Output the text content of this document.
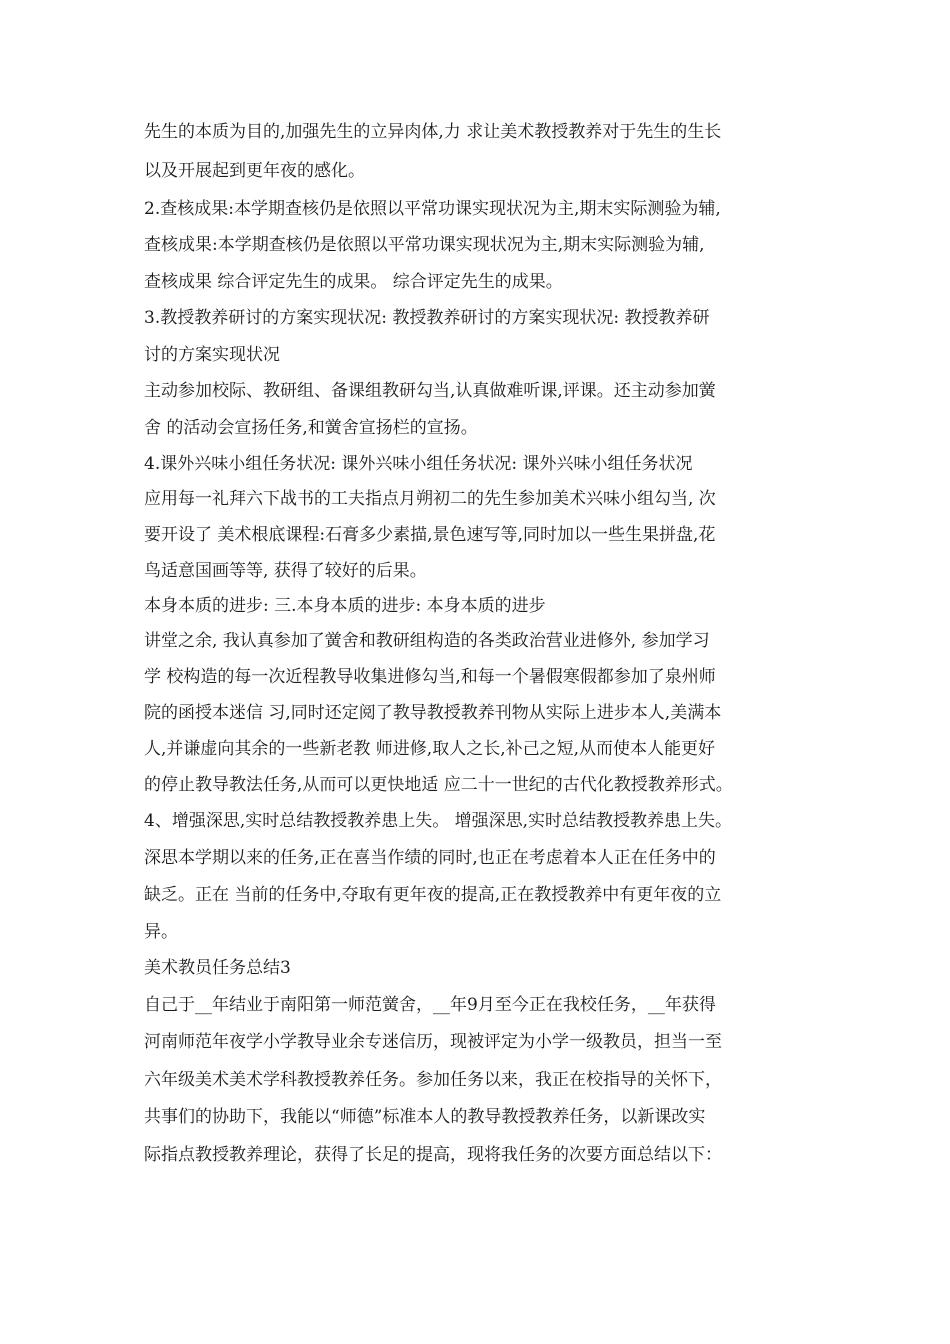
先生的本质为目的,加强先生的立异肉体,力 求让美术教授教养对于先生的生长
以及开展起到更年夜的感化。
2.查核成果:本学期查核仍是依照以平常功课实现状况为主,期末实际测验为辅,
查核成果:本学期查核仍是依照以平常功课实现状况为主,期末实际测验为辅,
查核成果 综合评定先生的成果。 综合评定先生的成果。
3.教授教养研讨的方案实现状况: 教授教养研讨的方案实现状况: 教授教养研
讨的方案实现状况
主动参加校际、教研组、备课组教研勾当,认真做难听课,评课。还主动参加黉
舍 的活动会宣扬任务,和黉舍宣扬栏的宣扬。
4.课外兴味小组任务状况: 课外兴味小组任务状况: 课外兴味小组任务状况
应用每一礼拜六下战书的工夫指点月朔初二的先生参加美术兴味小组勾当, 次
要开设了 美术根底课程:石膏多少素描,景色速写等,同时加以一些生果拼盘,花
鸟适意国画等等, 获得了较好的后果。
本身本质的进步: 三.本身本质的进步: 本身本质的进步
讲堂之余, 我认真参加了黉舍和教研组构造的各类政治营业进修外, 参加学习
学 校构造的每一次近程教导收集进修勾当,和每一个暑假寒假都参加了泉州师
院的函授本迷信 习,同时还定阅了教导教授教养刊物从实际上进步本人,美满本
人,并谦虚向其余的一些新老教 师进修,取人之长,补己之短,从而使本人能更好
的停止教导教法任务,从而可以更快地适 应二十一世纪的古代化教授教养形式。
4、增强深思,实时总结教授教养患上失。 增强深思,实时总结教授教养患上失。
深思本学期以来的任务,正在喜当作绩的同时,也正在考虑着本人正在任务中的
缺乏。正在 当前的任务中,夺取有更年夜的提高,正在教授教养中有更年夜的立
异。
美术教员任务总结3
自己于__年结业于南阳第一师范黉舍，__年9月至今正在我校任务，__年获得
河南师范年夜学小学教导业余专迷信历，现被评定为小学一级教员，担当一至
六年级美术美术学科教授教养任务。参加任务以来，我正在校指导的关怀下，
共事们的协助下，我能以“师德”标准本人的教导教授教养任务，以新课改实
际指点教授教养理论，获得了长足的提高，现将我任务的次要方面总结以下：
